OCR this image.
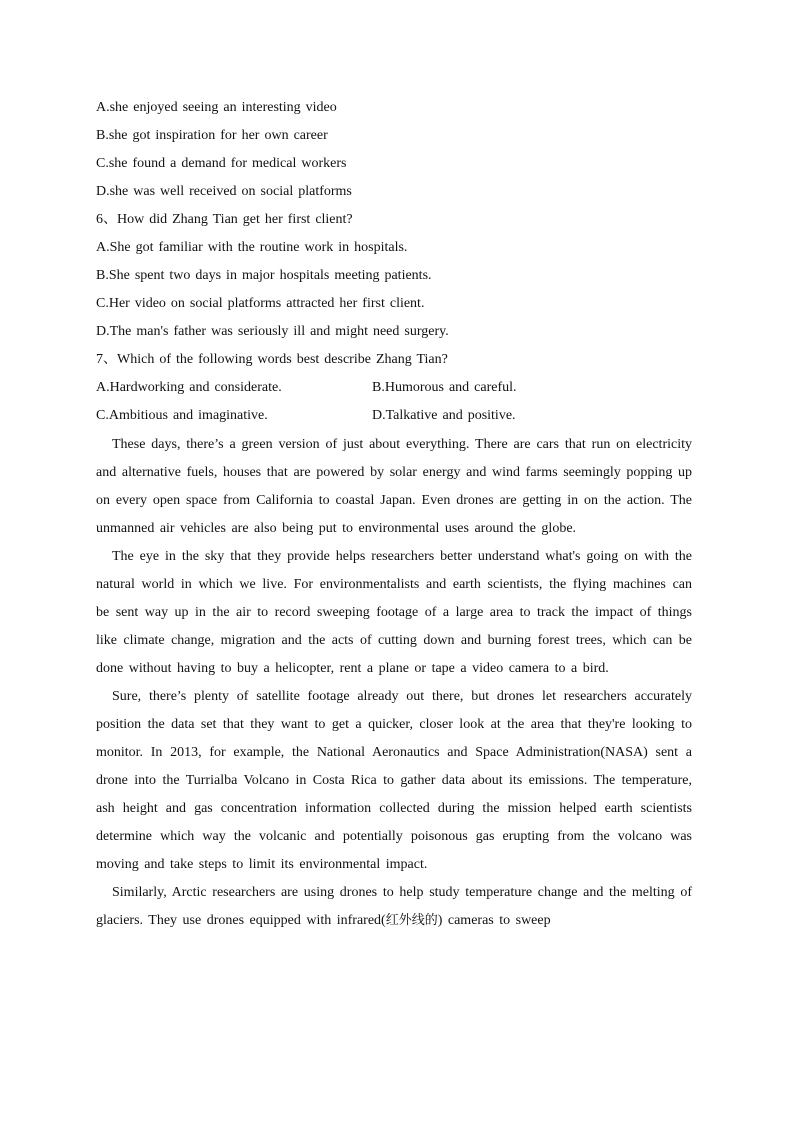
A.she enjoyed seeing an interesting video
B.she got inspiration for her own career
C.she found a demand for medical workers
D.she was well received on social platforms
6、How did Zhang Tian get her first client?
A.She got familiar with the routine work in hospitals.
B.She spent two days in major hospitals meeting patients.
C.Her video on social platforms attracted her first client.
D.The man's father was seriously ill and might need surgery.
7、Which of the following words best describe Zhang Tian?
A.Hardworking and considerate.	B.Humorous and careful.
C.Ambitious and imaginative.	D.Talkative and positive.

These days, there’s a green version of just about everything. There are cars that run on electricity and alternative fuels, houses that are powered by solar energy and wind farms seemingly popping up on every open space from California to coastal Japan. Even drones are getting in on the action. The unmanned air vehicles are also being put to environmental uses around the globe.

The eye in the sky that they provide helps researchers better understand what's going on with the natural world in which we live. For environmentalists and earth scientists, the flying machines can be sent way up in the air to record sweeping footage of a large area to track the impact of things like climate change, migration and the acts of cutting down and burning forest trees, which can be done without having to buy a helicopter, rent a plane or tape a video camera to a bird.

Sure, there’s plenty of satellite footage already out there, but drones let researchers accurately position the data set that they want to get a quicker, closer look at the area that they're looking to monitor. In 2013, for example, the National Aeronautics and Space Administration(NASA) sent a drone into the Turrialba Volcano in Costa Rica to gather data about its emissions. The temperature, ash height and gas concentration information collected during the mission helped earth scientists determine which way the volcanic and potentially poisonous gas erupting from the volcano was moving and take steps to limit its environmental impact.

Similarly, Arctic researchers are using drones to help study temperature change and the melting of glaciers. They use drones equipped with infrared(红外线的) cameras to sweep
